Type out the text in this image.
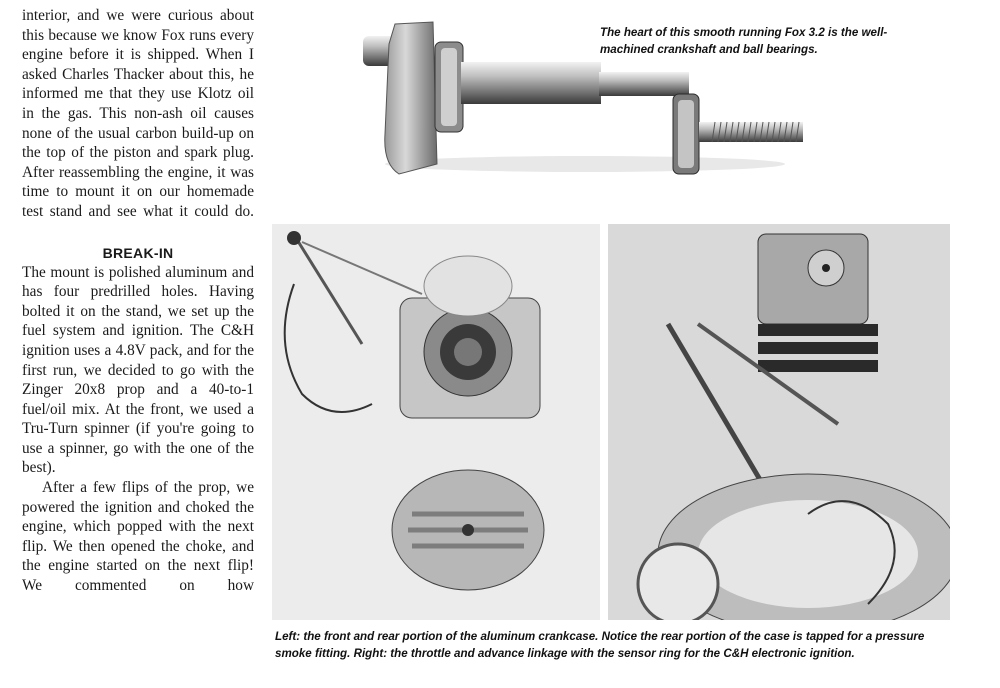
interior, and we were curious about this because we know Fox runs every engine before it is shipped. When I asked Charles Thacker about this, he informed me that they use Klotz oil in the gas. This non-ash oil causes none of the usual carbon build-up on the top of the piston and spark plug. After reassembling the engine, it was time to mount it on our homemade test stand and see what it could do.

BREAK-IN

The mount is polished aluminum and has four predrilled holes. Having bolted it on the stand, we set up the fuel system and ignition. The C&H ignition uses a 4.8V pack, and for the first run, we decided to go with the Zinger 20x8 prop and a 40-to-1 fuel/oil mix. At the front, we used a Tru-Turn spinner (if you're going to use a spinner, go with the one of the best).

After a few flips of the prop, we powered the ignition and choked the engine, which popped with the next flip. We then opened the choke, and the engine started on the next flip! We commented on how

The heart of this smooth running Fox 3.2 is the well-machined crankshaft and ball bearings.
Left: the front and rear portion of the aluminum crankcase. Notice the rear portion of the case is tapped for a pressure smoke fitting. Right: the throttle and advance linkage with the sensor ring for the C&H electronic ignition.
